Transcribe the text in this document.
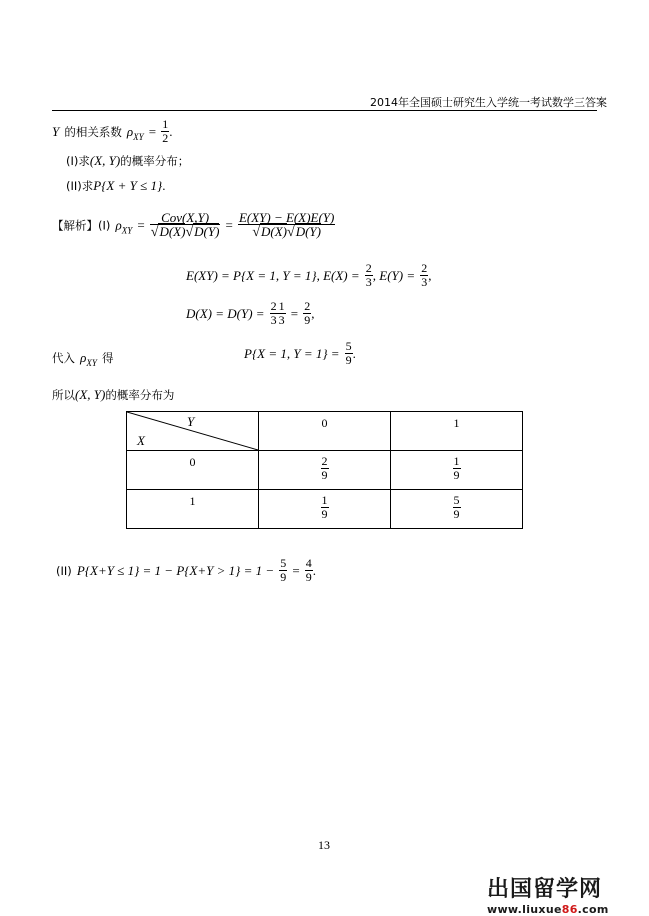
2014年全国硕士研究生入学统一考试数学三答案
Y 的相关系数 $\rho_{XY} = \frac{1}{2}$ .
(I)求(X, Y)的概率分布；
(II)求P{X + Y ≤ 1}.
【解析】(I) $\rho_{XY} = \frac{\text{Cov(X,Y)}}{√D(X)√D(Y)} = \frac{E(XY) - E(X)E(Y)}{√D(X)√D(Y)}$
E(XY) = P{X = 1, Y = 1}, $E(X) = \frac{2}{3}$ , $E(Y) = \frac{2}{3}$ ,
$D(X) = D(Y) = \frac{2}{3} \frac{1}{3} = \frac{2}{9}$ ,
代入 $\rho_{XY}$ 得	P{X = 1, $Y = 1\} = \frac{5}{9}$ .
所以(X, Y)的概率分布为
Y
X	0	1
0	$\frac{2}{9}$	$\frac{1}{9}$

1	$\frac{1}{9}$	$\frac{5}{9}$
(II) $P\{X+Y \le 1\} = 1 - P\{X+Y > 1\} = 1 - \frac{5}{9} = \frac{4}{9}$ .
13
出国留学网
www.liuxue86.com
